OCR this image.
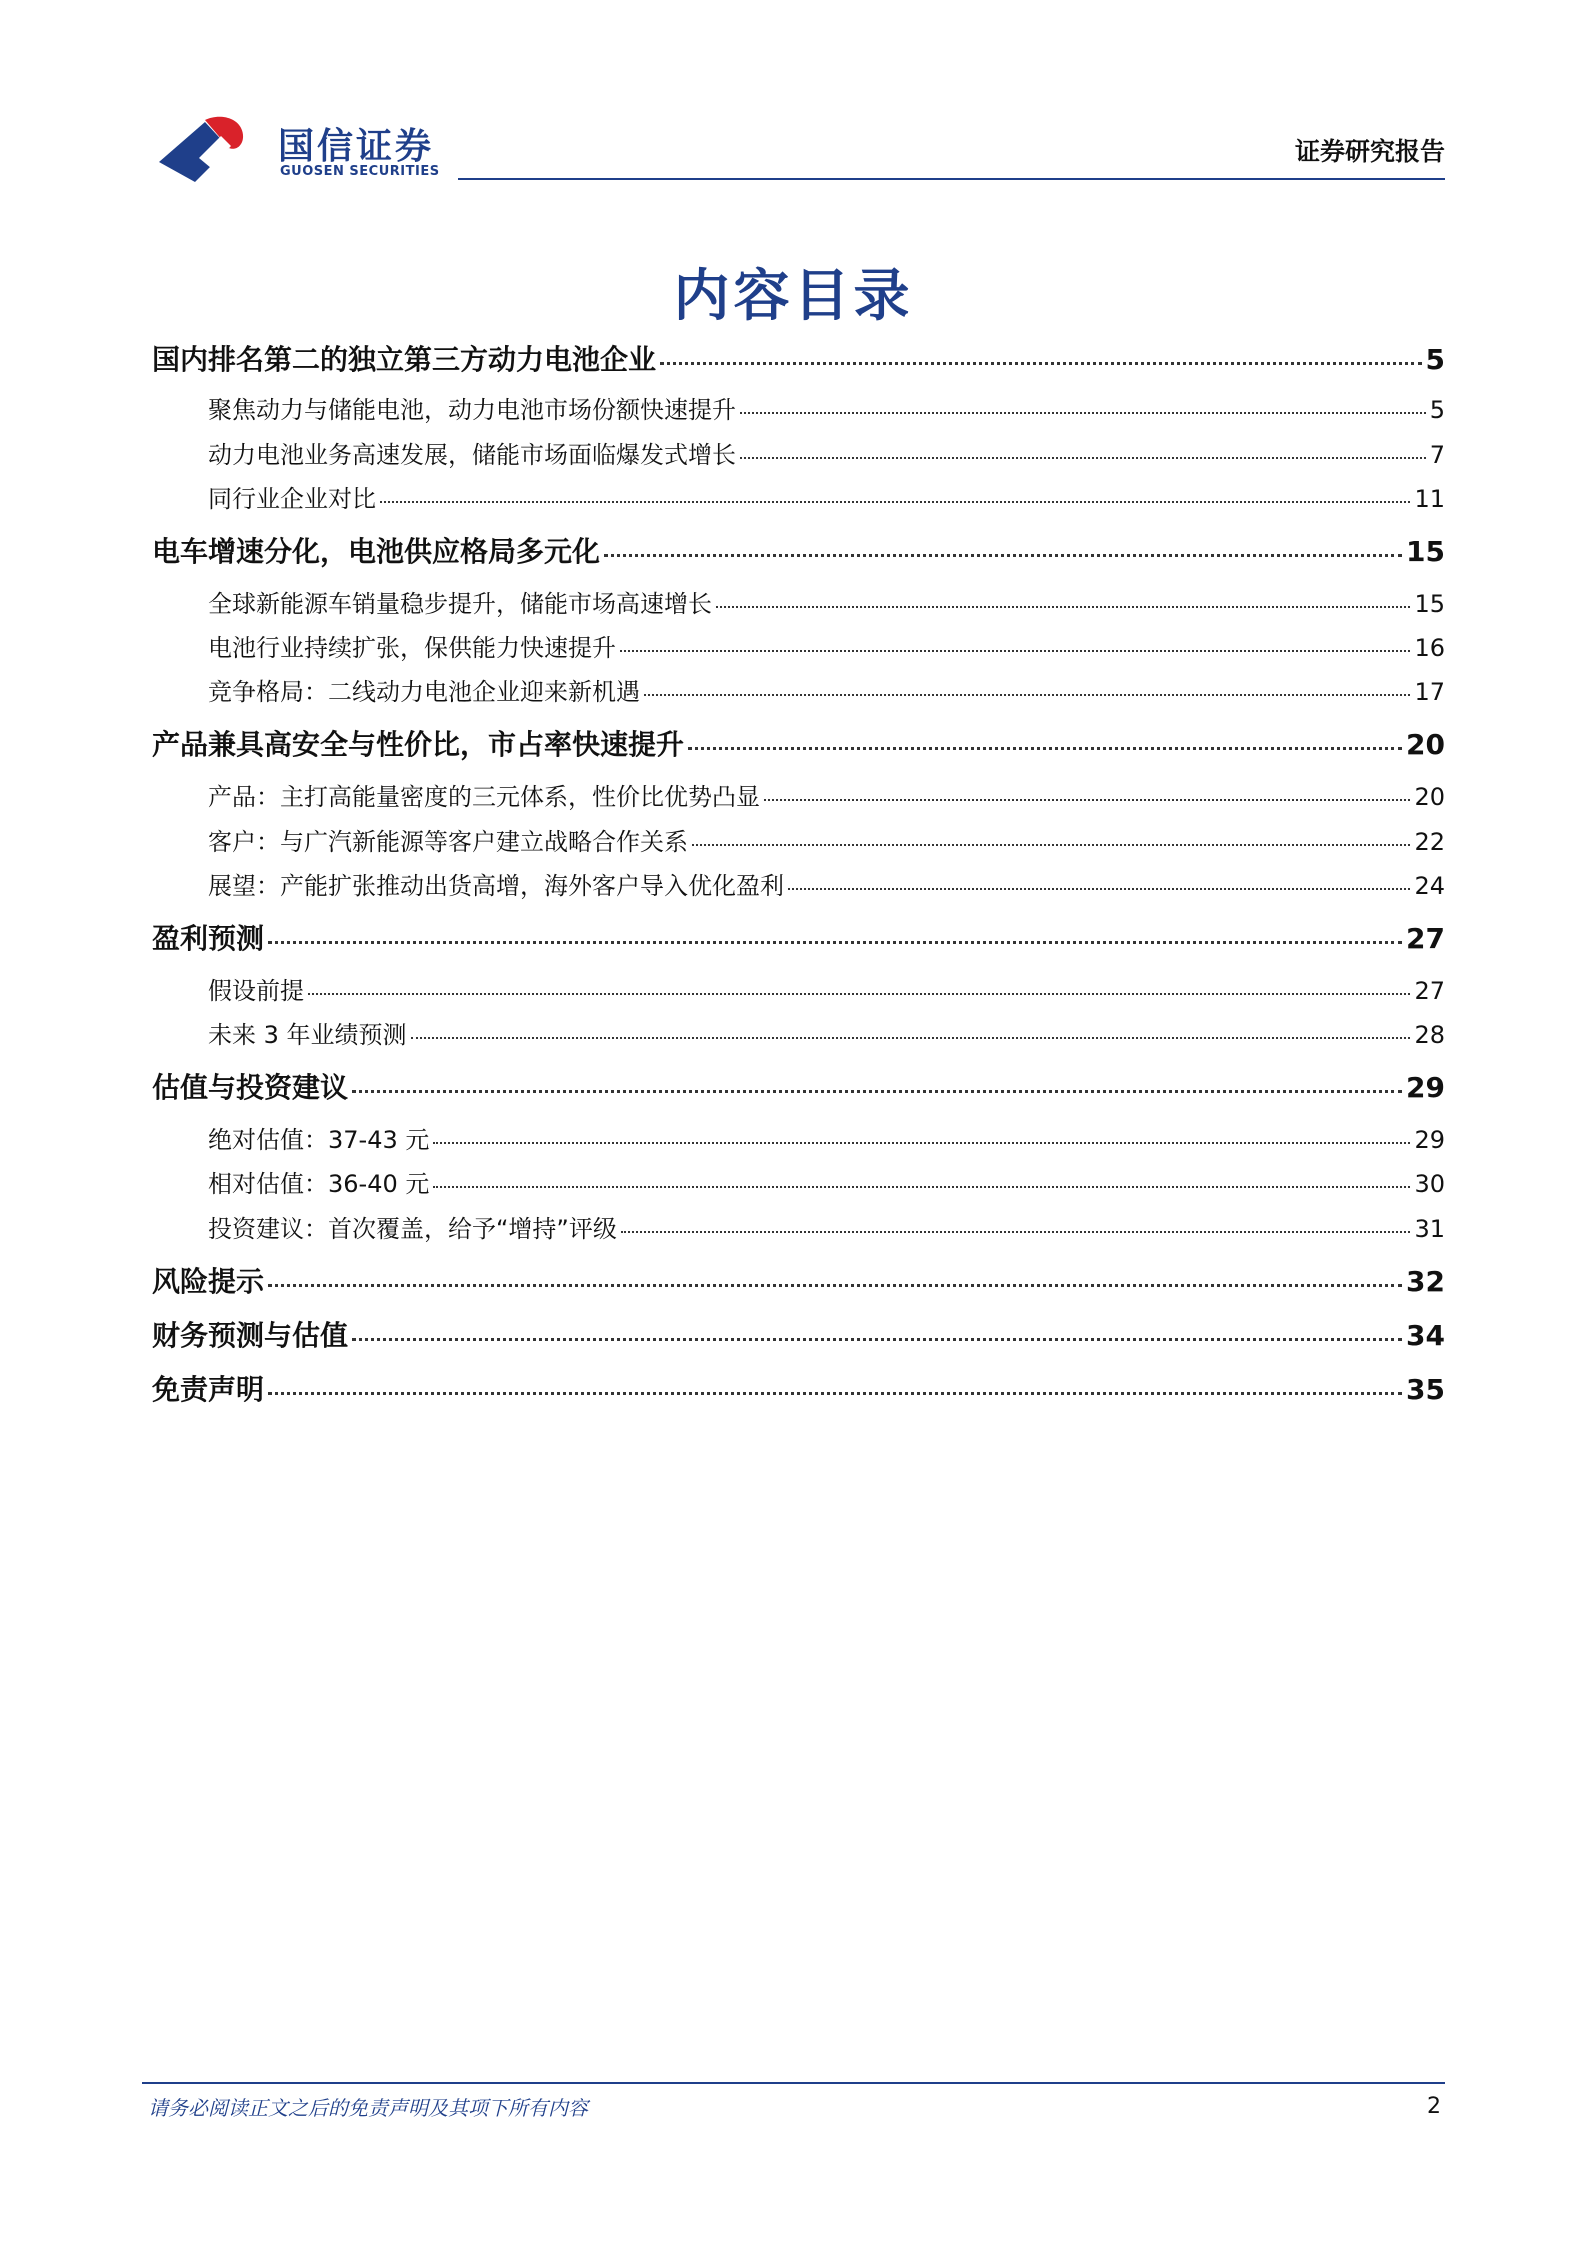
国信证券
GUOSEN SECURITIES
证券研究报告
内容目录
国内排名第二的独立第三方动力电池企业	5
聚焦动力与储能电池，动力电池市场份额快速提升	5
动力电池业务高速发展，储能市场面临爆发式增长	7
同行业企业对比	11
电车增速分化，电池供应格局多元化	15
全球新能源车销量稳步提升，储能市场高速增长	15
电池行业持续扩张，保供能力快速提升	16
竞争格局：二线动力电池企业迎来新机遇	17
产品兼具高安全与性价比，市占率快速提升	20
产品：主打高能量密度的三元体系，性价比优势凸显	20
客户：与广汽新能源等客户建立战略合作关系	22
展望：产能扩张推动出货高增，海外客户导入优化盈利	24
盈利预测	27
假设前提	27
未来 3 年业绩预测	28
估值与投资建议	29
绝对估值：37-43 元	29
相对估值：36-40 元	30
投资建议：首次覆盖，给予“增持”评级	31
风险提示	32
财务预测与估值	34
免责声明	35
请务必阅读正文之后的免责声明及其项下所有内容	2
